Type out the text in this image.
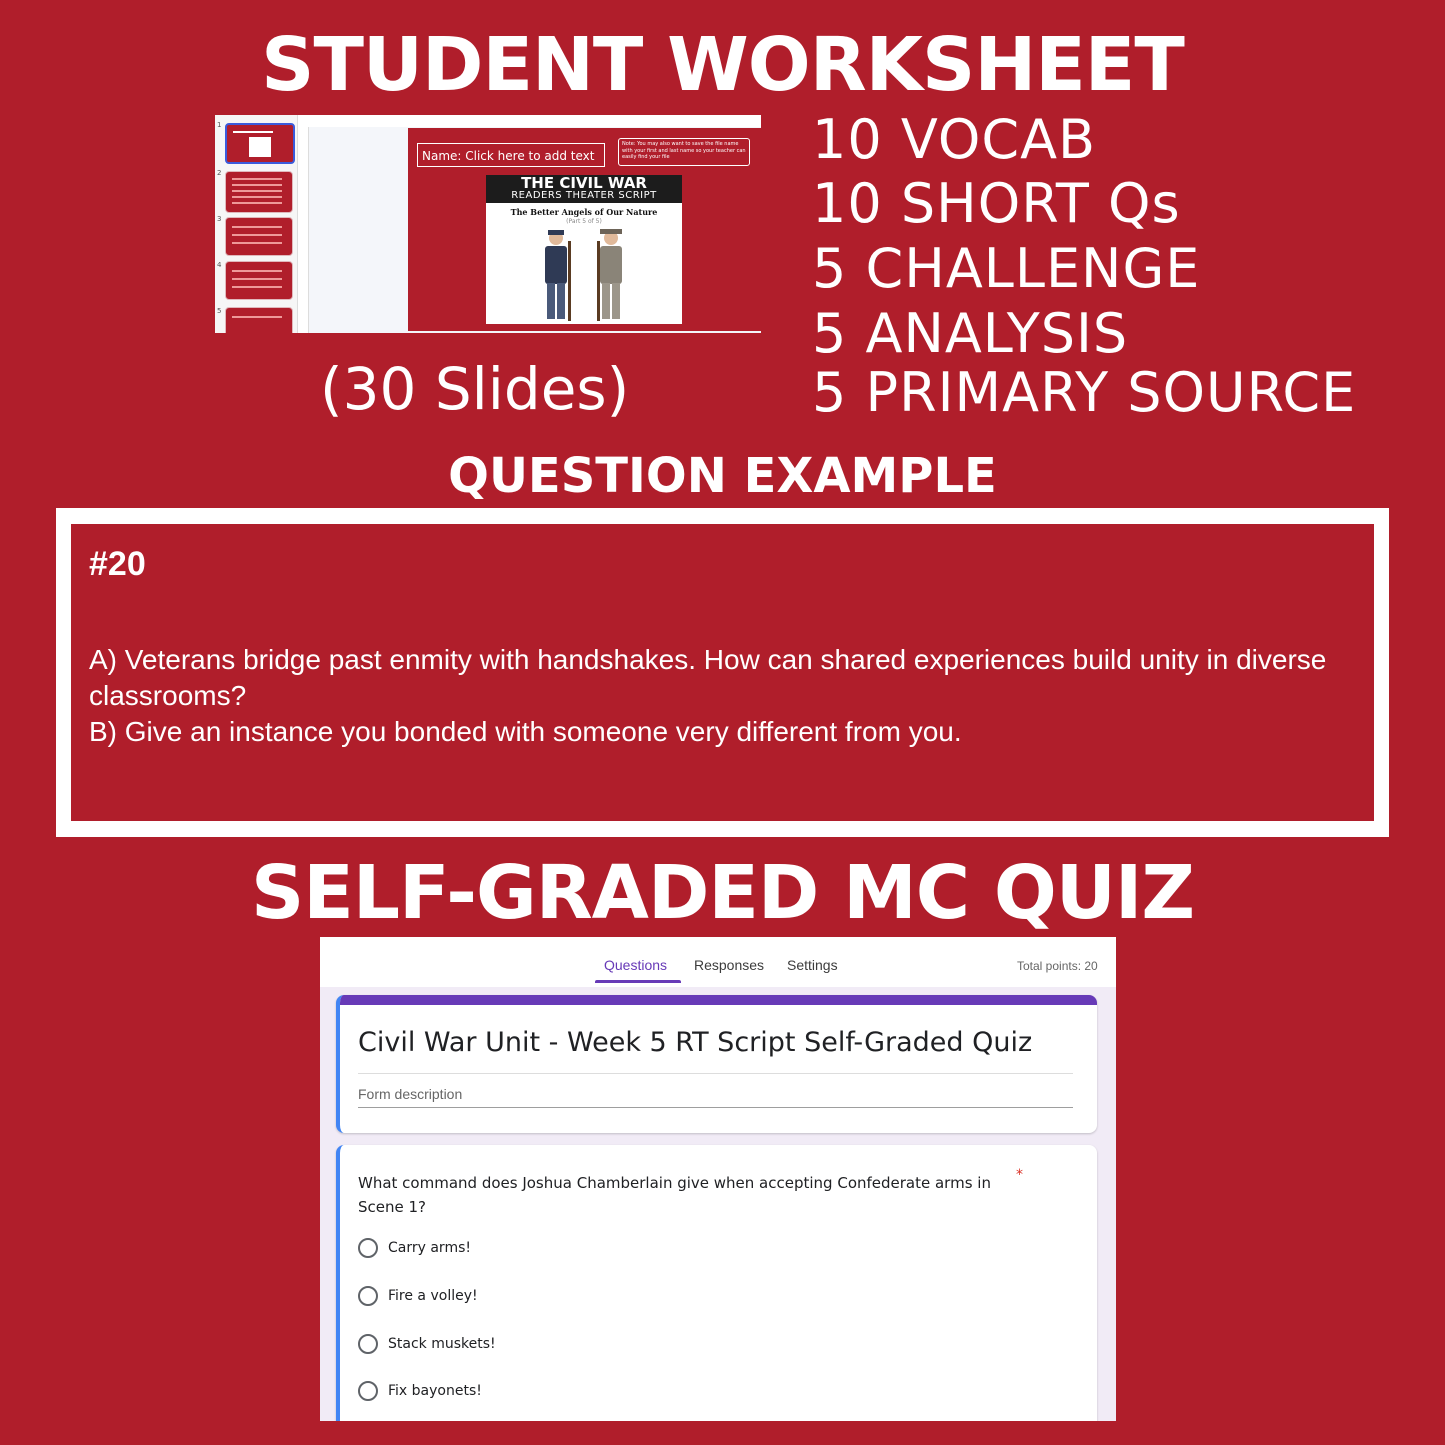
STUDENT WORKSHEET
1
2
3
4
5
Name: Click here to add text
Note: You may also want to save the file name with your first and last name so your teacher can easily find your file
THE CIVIL WAR
READERS THEATER SCRIPT
The Better Angels of Our Nature
(Part 5 of 5)
10 VOCAB
10 SHORT Qs
5 CHALLENGE
5 ANALYSIS
5 PRIMARY SOURCE
(30 Slides)
QUESTION EXAMPLE
#20
A) Veterans bridge past enmity with handshakes. How can shared experiences build unity in diverse classrooms?
B) Give an instance you bonded with someone very different from you.
SELF-GRADED MC QUIZ
Questions Responses Settings	Total points: 20
Civil War Unit - Week 5 RT Script Self-Graded Quiz
Form description
What command does Joshua Chamberlain give when accepting Confederate arms in Scene 1?
*
Carry arms!
Fire a volley!
Stack muskets!
Fix bayonets!
